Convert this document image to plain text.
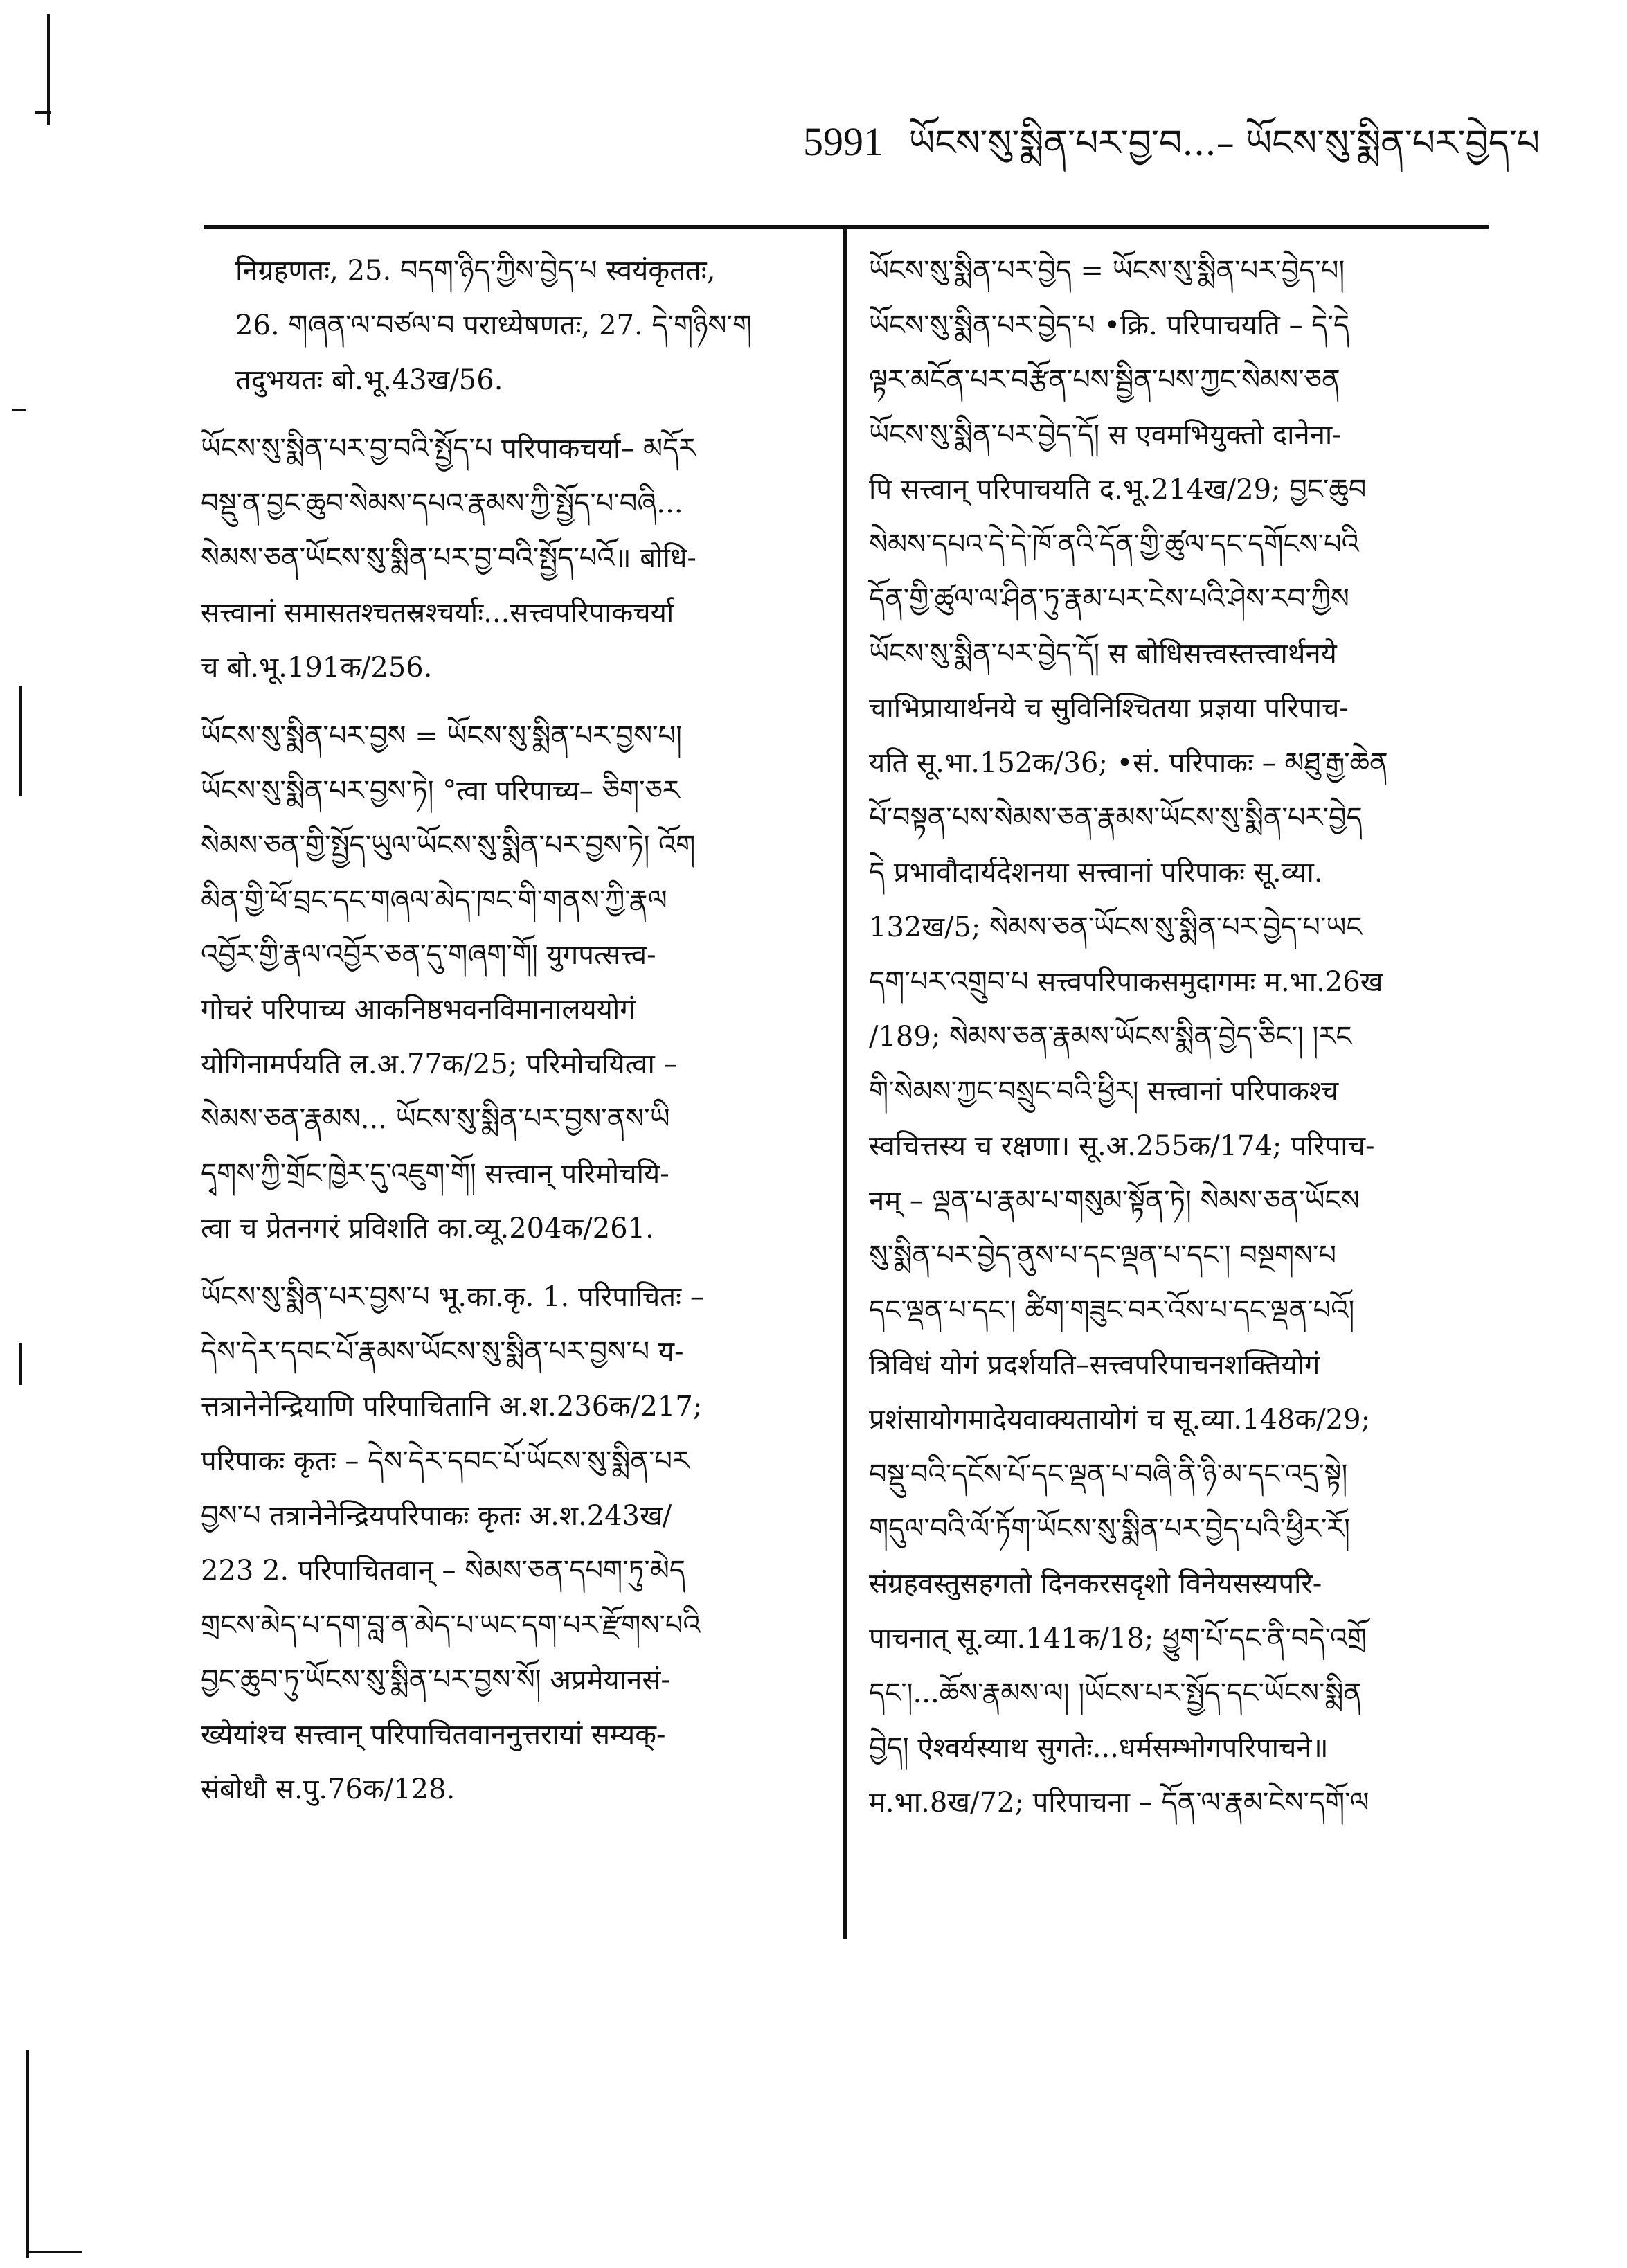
5991 ཡོངས་སུ་སྨིན་པར་བྱ་བ...– ཡོངས་སུ་སྨིན་པར་བྱེད་པ
निग्रहणतः, 25. བདག་ཉིད་ཀྱིས་བྱེད་པ स्वयंकृततः,
26. གཞན་ལ་བཙལ་བ पराध्येषणतः, 27. དེ་གཉིས་ག
तदुभयतः बो.भू.43ख/56.
ཡོངས་སུ་སྨིན་པར་བྱ་བའི་སྤྱོད་པ परिपाकचर्या– མདོར
བསྡུ་ན་བྱང་ཆུབ་སེམས་དཔའ་རྣམས་ཀྱི་སྤྱོད་པ་བཞི...
སེམས་ཅན་ཡོངས་སུ་སྨིན་པར་བྱ་བའི་སྤྱོད་པའོ॥ बोधि-
सत्त्वानां समासतश्चतस्रश्चर्याः...सत्त्वपरिपाकचर्या
च बो.भू.191क/256.
ཡོངས་སུ་སྨིན་པར་བྱས = ཡོངས་སུ་སྨིན་པར་བྱས་པ།
ཡོངས་སུ་སྨིན་པར་བྱས་ཏེ། °त्वा परिपाच्य– ཅིག་ཅར
སེམས་ཅན་གྱི་སྤྱོད་ཡུལ་ཡོངས་སུ་སྨིན་པར་བྱས་ཏེ། འོག
མིན་གྱི་ཕོ་བྲང་དང་གཞལ་མེད་ཁང་གི་གནས་ཀྱི་རྣལ
འབྱོར་གྱི་རྣལ་འབྱོར་ཅན་དུ་གཞག་གོ། युगपत्सत्त्व-
गोचरं परिपाच्य आकनिष्ठभवनविमानालययोगं
योगिनामर्पयति ल.अ.77क/25; परिमोचयित्वा –
སེམས་ཅན་རྣམས... ཡོངས་སུ་སྨིན་པར་བྱས་ནས་ཡི
དྭགས་ཀྱི་གྲོང་ཁྱེར་དུ་འཇུག་གོ། सत्त्वान् परिमोचयि-
त्वा च प्रेतनगरं प्रविशति का.व्यू.204क/261.
ཡོངས་སུ་སྨིན་པར་བྱས་པ भू.का.कृ. 1. परिपाचितः –
དེས་དེར་དབང་པོ་རྣམས་ཡོངས་སུ་སྨིན་པར་བྱས་པ य-
त्तत्रानेनेन्द्रियाणि परिपाचितानि अ.श.236क/217;
परिपाकः कृतः – དེས་དེར་དབང་པོ་ཡོངས་སུ་སྨིན་པར
བྱས་པ तत्रानेनेन्द्रियपरिपाकः कृतः अ.श.243ख/
223 2. परिपाचितवान् – སེམས་ཅན་དཔག་ཏུ་མེད
གྲངས་མེད་པ་དག་བླ་ན་མེད་པ་ཡང་དག་པར་རྫོགས་པའི
བྱང་ཆུབ་ཏུ་ཡོངས་སུ་སྨིན་པར་བྱས་སོ། अप्रमेयानसं-
ख्येयांश्च सत्त्वान् परिपाचितवाननुत्तरायां सम्यक्-
संबोधौ स.पु.76क/128.
ཡོངས་སུ་སྨིན་པར་བྱེད = ཡོངས་སུ་སྨིན་པར་བྱེད་པ།
ཡོངས་སུ་སྨིན་པར་བྱེད་པ •क्रि. परिपाचयति – དེ་དེ
ལྟར་མངོན་པར་བརྩོན་པས་སྦྱིན་པས་ཀྱང་སེམས་ཅན
ཡོངས་སུ་སྨིན་པར་བྱེད་དོ། स एवमभियुक्तो दानेना-
पि सत्त्वान् परिपाचयति द.भू.214ख/29; བྱང་ཆུབ
སེམས་དཔའ་དེ་དེ་ཁོ་ནའི་དོན་གྱི་ཚུལ་དང་དགོངས་པའི
དོན་གྱི་ཚུལ་ལ་ཤིན་ཏུ་རྣམ་པར་ངེས་པའི་ཤེས་རབ་ཀྱིས
ཡོངས་སུ་སྨིན་པར་བྱེད་དོ། स बोधिसत्त्वस्तत्त्वार्थनये
चाभिप्रायार्थनये च सुविनिश्चितया प्रज्ञया परिपाच-
यति सू.भा.152क/36; •सं. परिपाकः – མཐུ་རྒྱ་ཆེན
པོ་བསྟན་པས་སེམས་ཅན་རྣམས་ཡོངས་སུ་སྨིན་པར་བྱེད
དེ प्रभावौदार्यदेशनया सत्त्वानां परिपाकः सू.व्या.
132ख/5; སེམས་ཅན་ཡོངས་སུ་སྨིན་པར་བྱེད་པ་ཡང
དག་པར་འགྲུབ་པ सत्त्वपरिपाकसमुदागमः म.भा.26ख
/189; སེམས་ཅན་རྣམས་ཡོངས་སྨིན་བྱེད་ཅིང་། །རང
གི་སེམས་ཀྱང་བསྲུང་བའི་ཕྱིར། सत्त्वानां परिपाकश्च
स्वचित्तस्य च रक्षणा। सू.अ.255क/174; परिपाच-
नम् – ལྡན་པ་རྣམ་པ་གསུམ་སྟོན་ཏེ། སེམས་ཅན་ཡོངས
སུ་སྨིན་པར་བྱེད་ནུས་པ་དང་ལྡན་པ་དང་། བསྔགས་པ
དང་ལྡན་པ་དང་། ཚིག་གཟུང་བར་འོས་པ་དང་ལྡན་པའོ།
त्रिविधं योगं प्रदर्शयति–सत्त्वपरिपाचनशक्तियोगं
प्रशंसायोगमादेयवाक्यतायोगं च सू.व्या.148क/29;
བསྡུ་བའི་དངོས་པོ་དང་ལྡན་པ་བཞི་ནི་ཉི་མ་དང་འདྲ་སྟེ།
གདུལ་བའི་ལོ་ཏོག་ཡོངས་སུ་སྨིན་པར་བྱེད་པའི་ཕྱིར་རོ།
संग्रहवस्तुसहगतो दिनकरसदृशो विनेयसस्यपरि-
पाचनात् सू.व्या.141क/18; ཕྱུག་པོ་དང་ནི་བདེ་འགྲོ
དང་།...ཆོས་རྣམས་ལ། །ཡོངས་པར་སྤྱོད་དང་ཡོངས་སྨིན
བྱེད། ऐश्वर्यस्याथ सुगतेः...धर्मसम्भोगपरिपाचने॥
म.भा.8ख/72; परिपाचना – དོན་ལ་རྣམ་ངེས་དགོ་ལ
